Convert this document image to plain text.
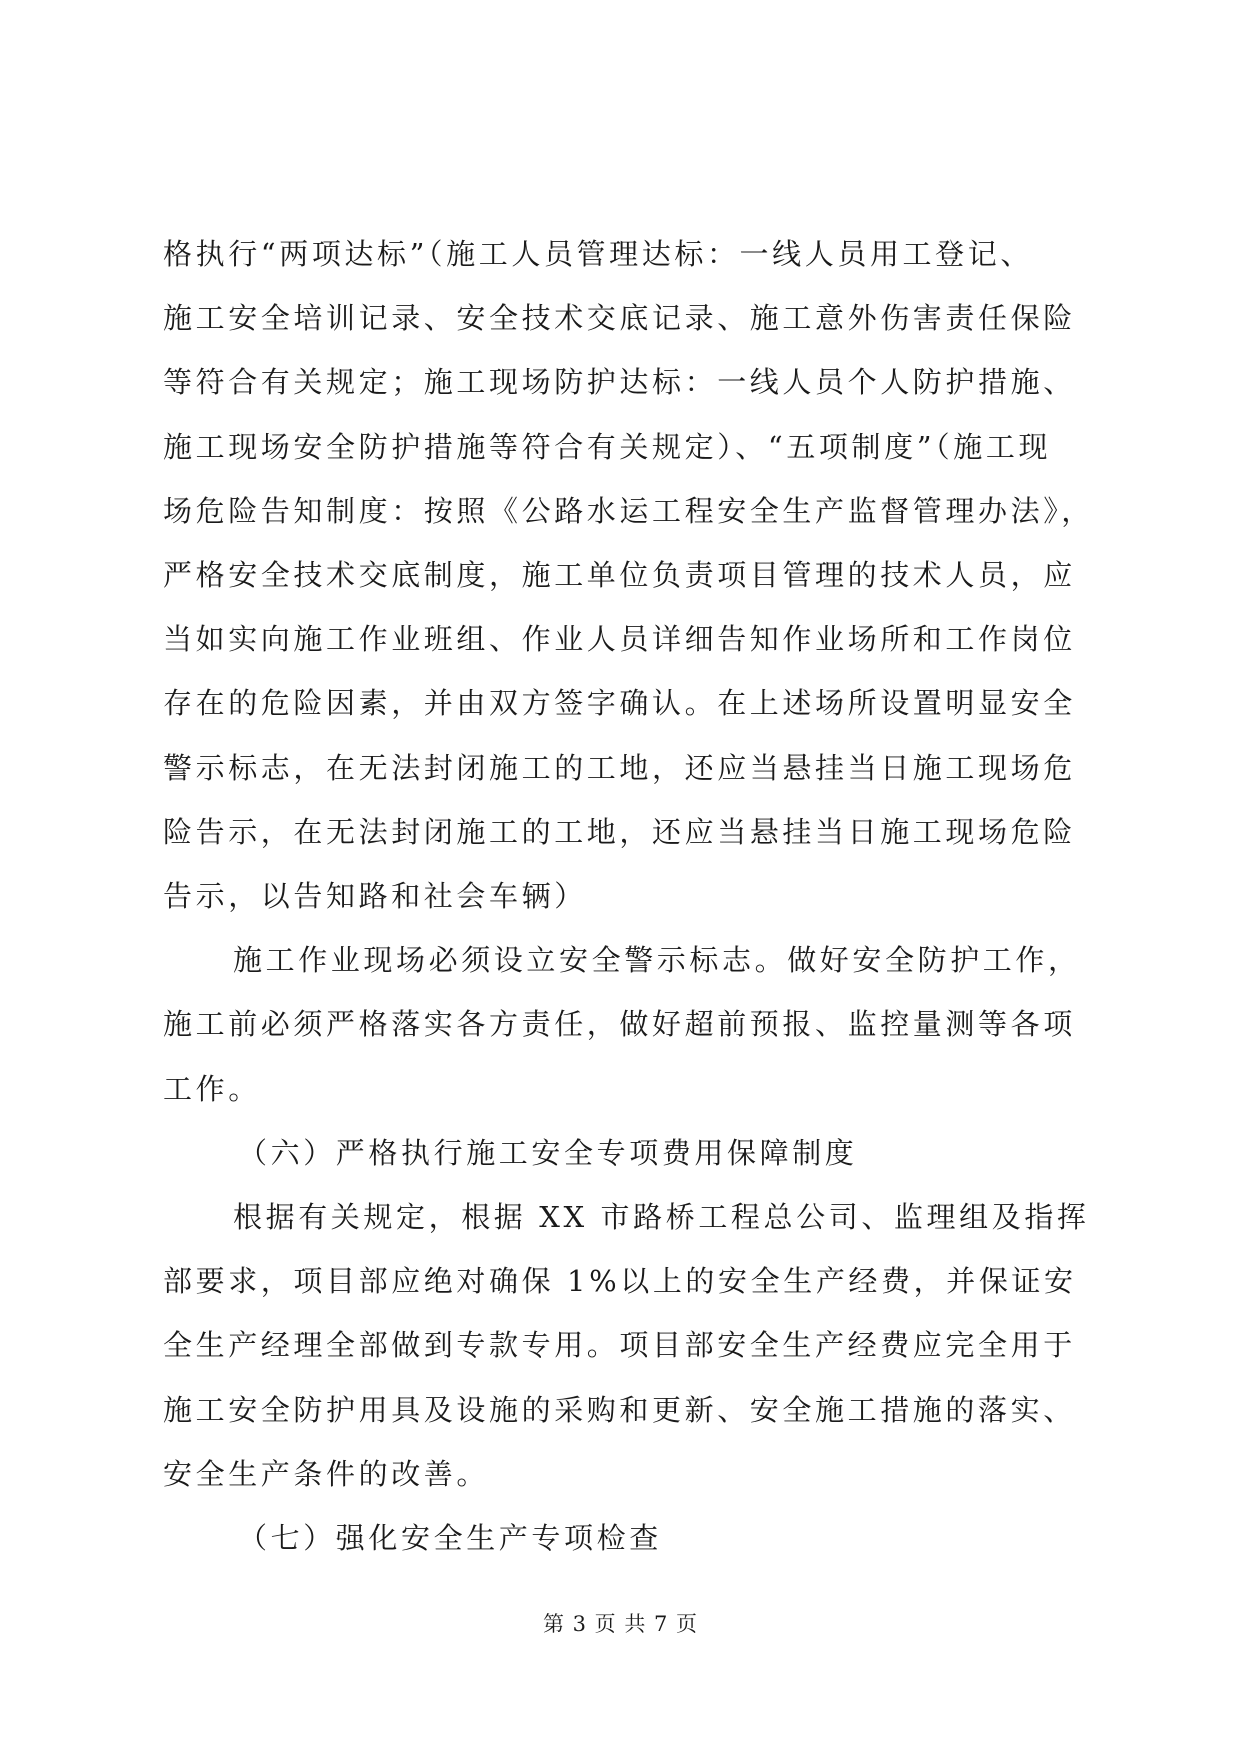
格执行“两项达标”（施工人员管理达标：一线人员用工登记、
施工安全培训记录、安全技术交底记录、施工意外伤害责任保险
等符合有关规定；施工现场防护达标：一线人员个人防护措施、
施工现场安全防护措施等符合有关规定）、“五项制度”（施工现
场危险告知制度：按照《公路水运工程安全生产监督管理办法》，
严格安全技术交底制度，施工单位负责项目管理的技术人员，应
当如实向施工作业班组、作业人员详细告知作业场所和工作岗位
存在的危险因素，并由双方签字确认。在上述场所设置明显安全
警示标志，在无法封闭施工的工地，还应当悬挂当日施工现场危
险告示，在无法封闭施工的工地，还应当悬挂当日施工现场危险
告示，以告知路和社会车辆）

施工作业现场必须设立安全警示标志。做好安全防护工作，
施工前必须严格落实各方责任，做好超前预报、监控量测等各项
工作。

（六）严格执行施工安全专项费用保障制度

根据有关规定，根据 XX 市路桥工程总公司、监理组及指挥
部要求，项目部应绝对确保 1%以上的安全生产经费，并保证安
全生产经理全部做到专款专用。项目部安全生产经费应完全用于
施工安全防护用具及设施的采购和更新、安全施工措施的落实、
安全生产条件的改善。

（七）强化安全生产专项检查

第 3 页 共 7 页
